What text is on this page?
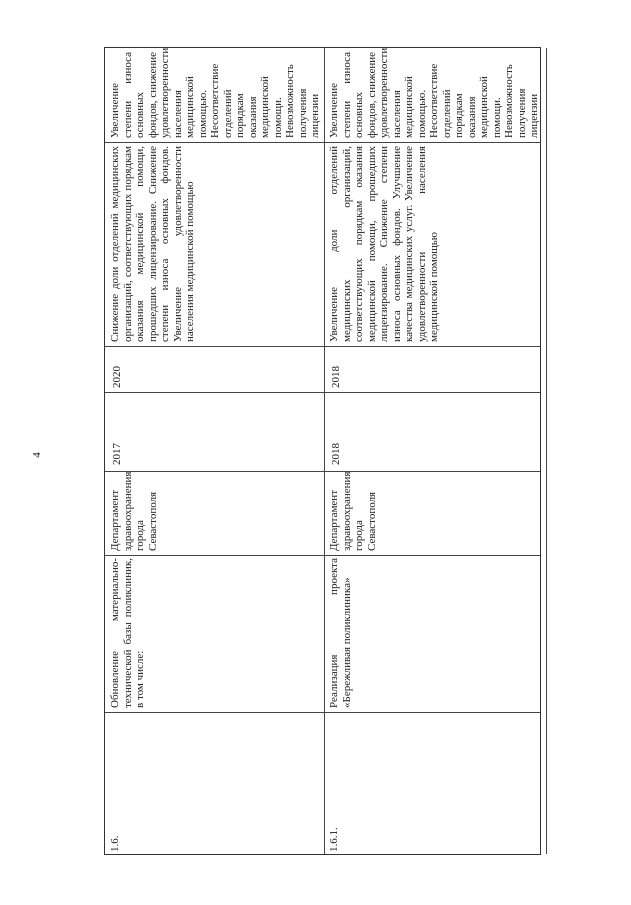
4

Увеличение степени износа основных фондов, снижение удовлетворенности населения медицинской помощью. Несоответствие отделений порядкам оказания медицинской помощи. Невозможность получения лицензии

Снижение доли отделений медицинских организаций, соответствующих порядкам оказания медицинской помощи, прошедших лицензирование. Снижение степени износа основных фондов. Увеличение удовлетворенности населения медицинской помощью

2020

2017

Департамент здравоохранения города Севастополя

Обновление материально-технической базы поликлиник, в том числе:

1.6.

Увеличение степени износа основных фондов, снижение удовлетворенности населения медицинской помощью. Несоответствие отделений порядкам оказания медицинской помощи. Невозможность получения лицензии

Увеличение доли отделений медицинских организаций, соответствующих порядкам оказания медицинской помощи, прошедших лицензирование. Снижение степени износа основных фондов. Улучшение качества медицинских услуг. Увеличение удовлетворенности населения медицинской помощью

2018

2018

Департамент здравоохранения города Севастополя

Реализация проекта «Бережливая поликлиника»

1.6.1.
